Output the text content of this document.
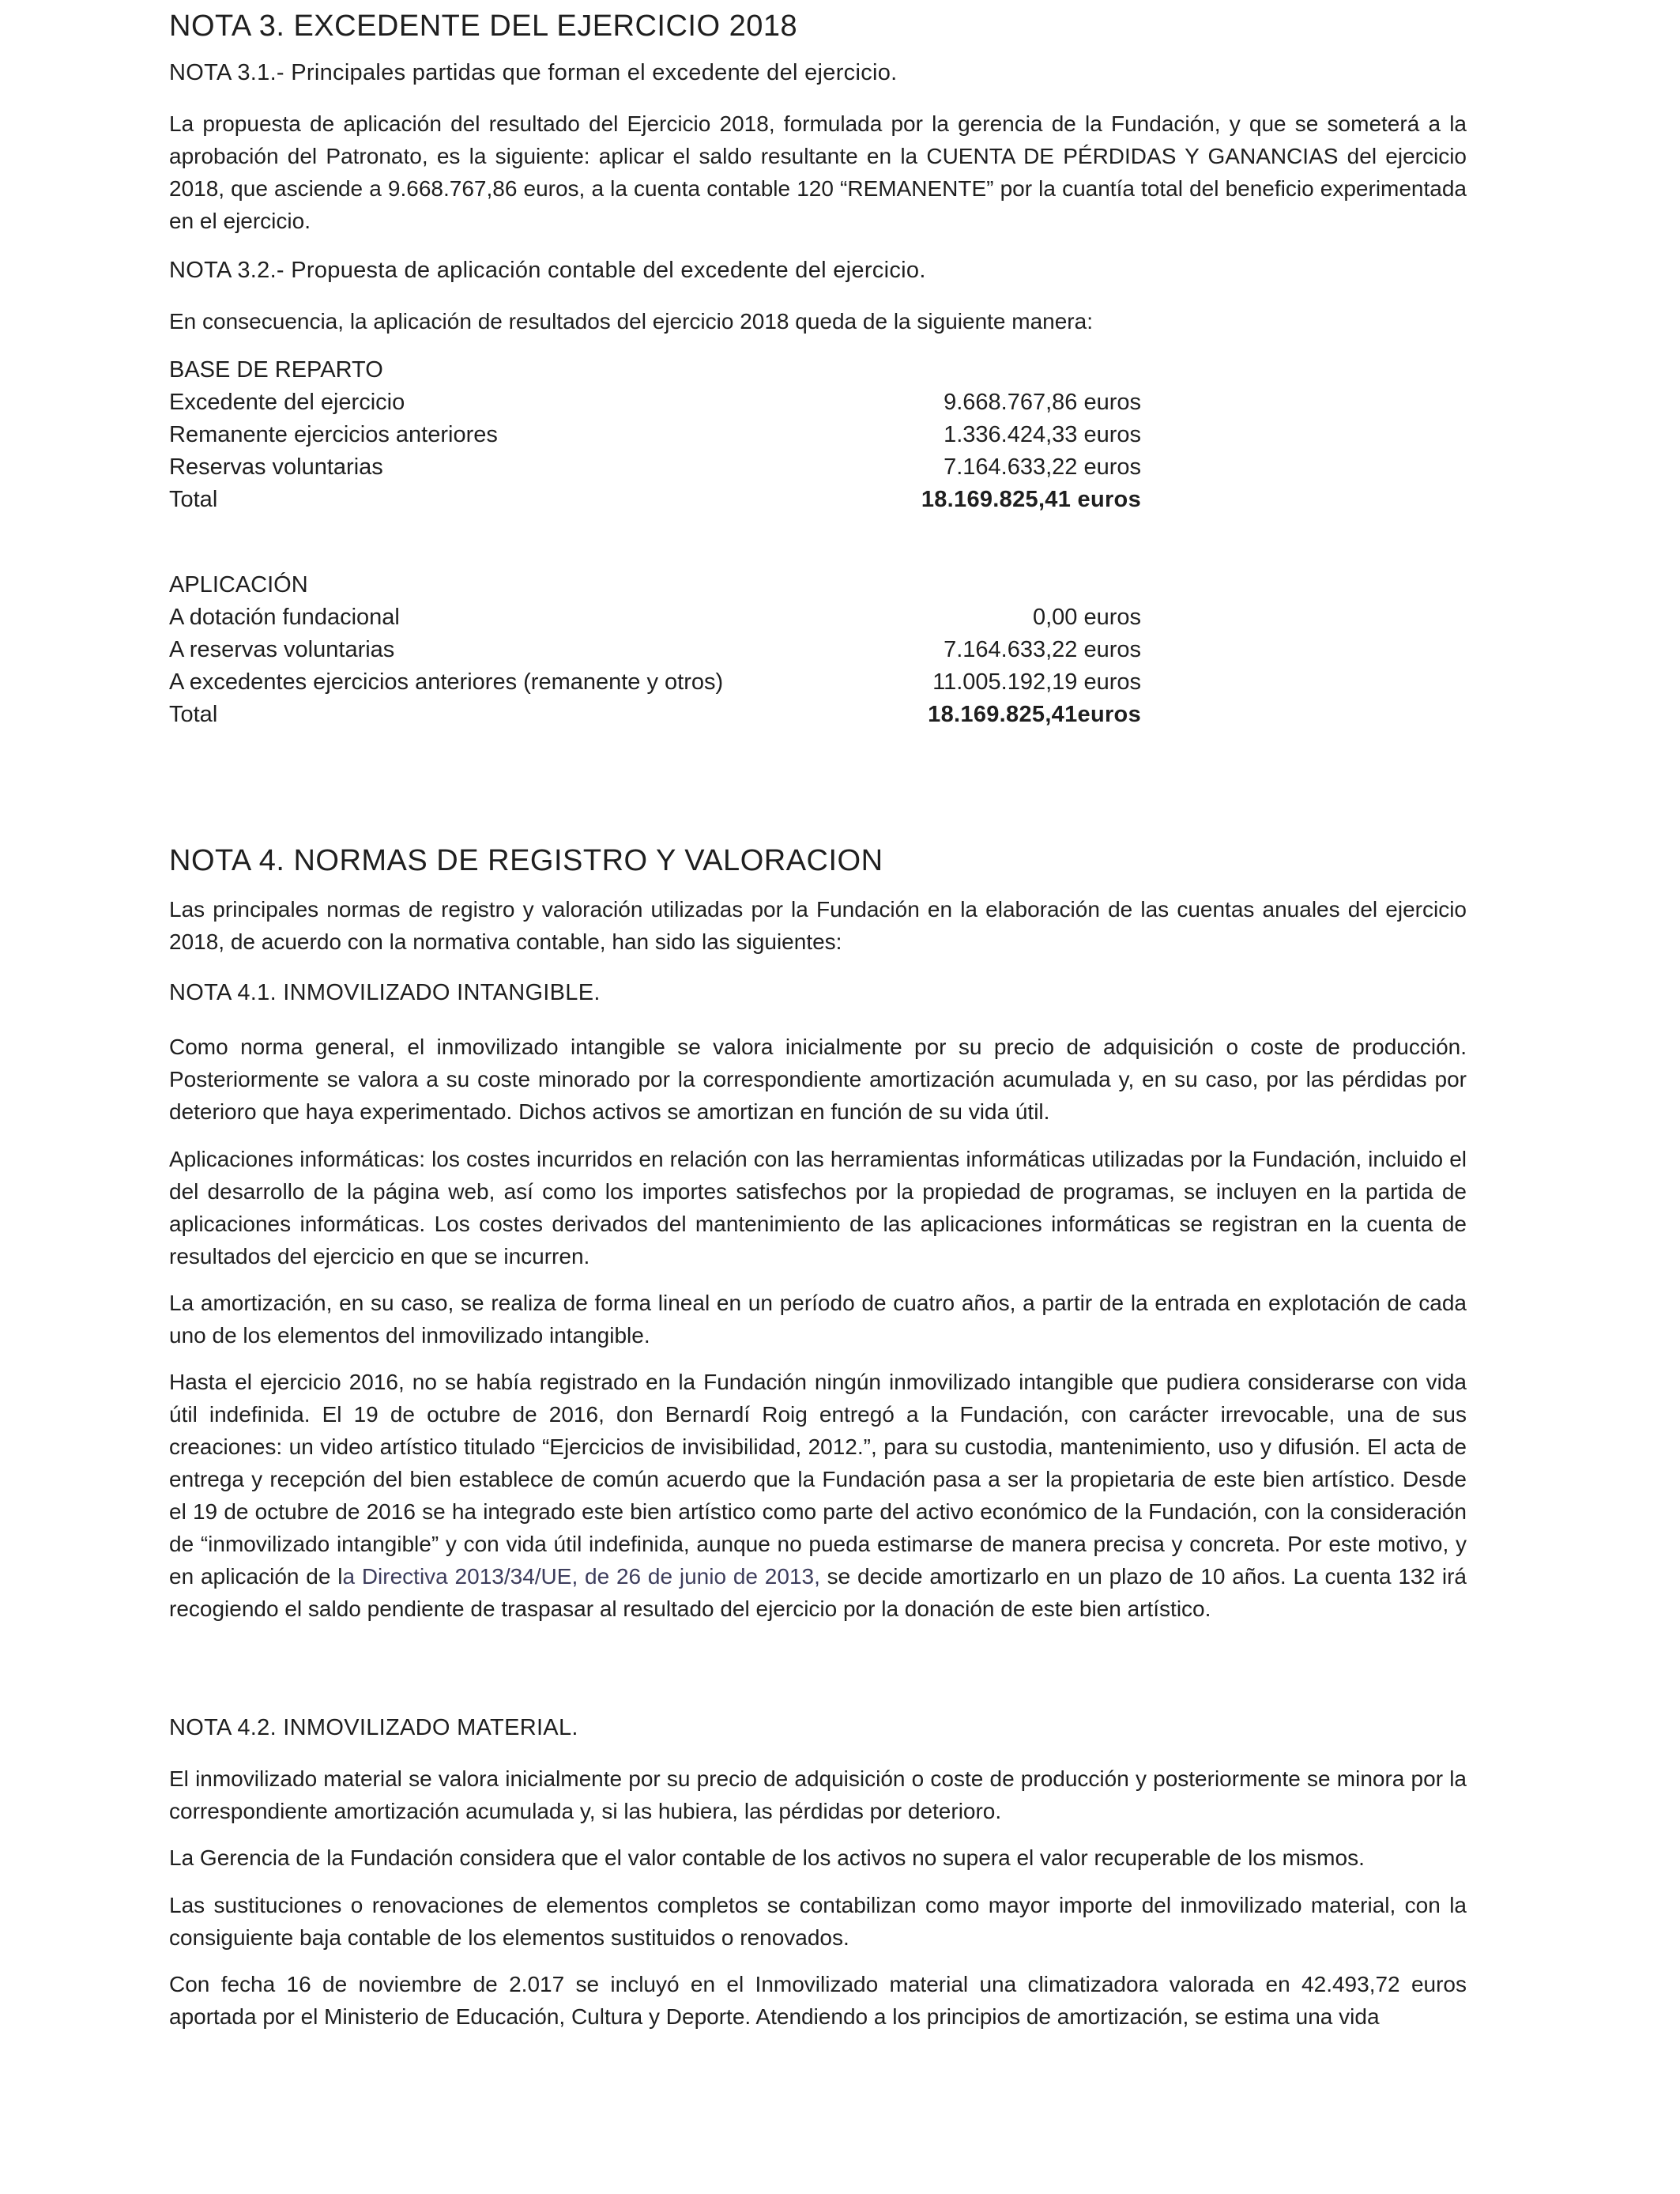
NOTA 3. EXCEDENTE DEL EJERCICIO 2018
NOTA 3.1.- Principales partidas que forman el excedente del ejercicio.

La propuesta de aplicación del resultado del Ejercicio 2018, formulada por la gerencia de la Fundación, y que se someterá a la aprobación del Patronato, es la siguiente: aplicar el saldo resultante en la CUENTA DE PÉRDIDAS Y GANANCIAS del ejercicio 2018, que asciende a 9.668.767,86 euros, a la cuenta contable 120 “REMANENTE” por la cuantía total del beneficio experimentada en el ejercicio.

NOTA 3.2.- Propuesta de aplicación contable del excedente del ejercicio.

En consecuencia, la aplicación de resultados del ejercicio 2018 queda de la siguiente manera:

BASE DE REPARTO
Excedente del ejercicio	9.668.767,86 euros
Remanente ejercicios anteriores	1.336.424,33 euros
Reservas voluntarias	7.164.633,22 euros
Total	18.169.825,41 euros
APLICACIÓN
A dotación fundacional	0,00 euros
A reservas voluntarias	7.164.633,22 euros
A excedentes ejercicios anteriores (remanente y otros)	11.005.192,19 euros
Total	18.169.825,41euros
NOTA 4. NORMAS DE REGISTRO Y VALORACION

Las principales normas de registro y valoración utilizadas por la Fundación en la elaboración de las cuentas anuales del ejercicio 2018, de acuerdo con la normativa contable, han sido las siguientes:

NOTA 4.1. INMOVILIZADO INTANGIBLE.

Como norma general, el inmovilizado intangible se valora inicialmente por su precio de adquisición o coste de producción. Posteriormente se valora a su coste minorado por la correspondiente amortización acumulada y, en su caso, por las pérdidas por deterioro que haya experimentado. Dichos activos se amortizan en función de su vida útil.

Aplicaciones informáticas: los costes incurridos en relación con las herramientas informáticas utilizadas por la Fundación, incluido el del desarrollo de la página web, así como los importes satisfechos por la propiedad de programas, se incluyen en la partida de aplicaciones informáticas. Los costes derivados del mantenimiento de las aplicaciones informáticas se registran en la cuenta de resultados del ejercicio en que se incurren.

La amortización, en su caso, se realiza de forma lineal en un período de cuatro años, a partir de la entrada en explotación de cada uno de los elementos del inmovilizado intangible.

Hasta el ejercicio 2016, no se había registrado en la Fundación ningún inmovilizado intangible que pudiera considerarse con vida útil indefinida. El 19 de octubre de 2016, don Bernardí Roig entregó a la Fundación, con carácter irrevocable, una de sus creaciones: un video artístico titulado “Ejercicios de invisibilidad, 2012.”, para su custodia, mantenimiento, uso y difusión. El acta de entrega y recepción del bien establece de común acuerdo que la Fundación pasa a ser la propietaria de este bien artístico. Desde el 19 de octubre de 2016 se ha integrado este bien artístico como parte del activo económico de la Fundación, con la consideración de “inmovilizado intangible” y con vida útil indefinida, aunque no pueda estimarse de manera precisa y concreta. Por este motivo, y en aplicación de la Directiva 2013/34/UE, de 26 de junio de 2013, se decide amortizarlo en un plazo de 10 años. La cuenta 132 irá recogiendo el saldo pendiente de traspasar al resultado del ejercicio por la donación de este bien artístico.

NOTA 4.2. INMOVILIZADO MATERIAL.

El inmovilizado material se valora inicialmente por su precio de adquisición o coste de producción y posteriormente se minora por la correspondiente amortización acumulada y, si las hubiera, las pérdidas por deterioro.

La Gerencia de la Fundación considera que el valor contable de los activos no supera el valor recuperable de los mismos.

Las sustituciones o renovaciones de elementos completos se contabilizan como mayor importe del inmovilizado material, con la consiguiente baja contable de los elementos sustituidos o renovados.

Con fecha 16 de noviembre de 2.017 se incluyó en el Inmovilizado material una climatizadora valorada en 42.493,72 euros aportada por el Ministerio de Educación, Cultura y Deporte. Atendiendo a los principios de amortización, se estima una vida
